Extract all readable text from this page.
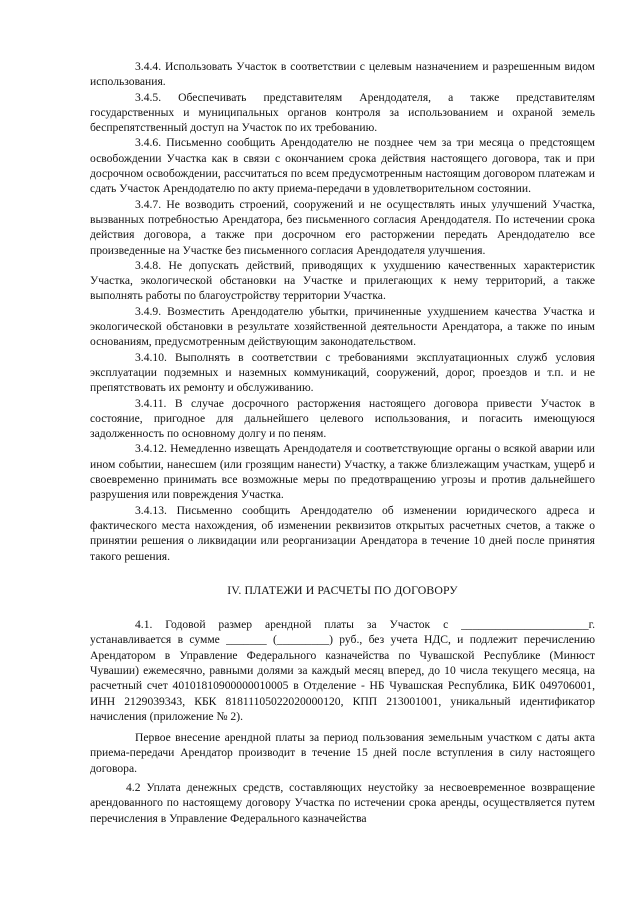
3.4.4. Использовать Участок в соответствии с целевым назначением и разрешенным видом использования.

3.4.5. Обеспечивать представителям Арендодателя, а также представителям государственных и муниципальных органов контроля за использованием и охраной земель беспрепятственный доступ на Участок по их требованию.

3.4.6. Письменно сообщить Арендодателю не позднее чем за три месяца о предстоящем освобождении Участка как в связи с окончанием срока действия настоящего договора, так и при досрочном освобождении, рассчитаться по всем предусмотренным настоящим договором платежам и сдать Участок Арендодателю по акту приема-передачи в удовлетворительном состоянии.

3.4.7. Не возводить строений, сооружений и не осуществлять иных улучшений Участка, вызванных потребностью Арендатора, без письменного согласия Арендодателя. По истечении срока действия договора, а также при досрочном его расторжении передать Арендодателю все произведенные на Участке без письменного согласия Арендодателя улучшения.

3.4.8. Не допускать действий, приводящих к ухудшению качественных характеристик Участка, экологической обстановки на Участке и прилегающих к нему территорий, а также выполнять работы по благоустройству территории Участка.

3.4.9. Возместить Арендодателю убытки, причиненные ухудшением качества Участка и экологической обстановки в результате хозяйственной деятельности Арендатора, а также по иным основаниям, предусмотренным действующим законодательством.

3.4.10. Выполнять в соответствии с требованиями эксплуатационных служб условия эксплуатации подземных и наземных коммуникаций, сооружений, дорог, проездов и т.п. и не препятствовать их ремонту и обслуживанию.

3.4.11. В случае досрочного расторжения настоящего договора привести Участок в состояние, пригодное для дальнейшего целевого использования, и погасить имеющуюся задолженность по основному долгу и по пеням.

3.4.12. Немедленно извещать Арендодателя и соответствующие органы о всякой аварии или ином событии, нанесшем (или грозящим нанести) Участку, а также близлежащим участкам, ущерб и своевременно принимать все возможные меры по предотвращению угрозы и против дальнейшего разрушения или повреждения Участка.

3.4.13. Письменно сообщить Арендодателю об изменении юридического адреса и фактического места нахождения, об изменении реквизитов открытых расчетных счетов, а также о принятии решения о ликвидации или реорганизации Арендатора в течение 10 дней после принятия такого решения.

IV. ПЛАТЕЖИ И РАСЧЕТЫ ПО ДОГОВОРУ

4.1. Годовой размер арендной платы за Участок с ______________________г. устанавливается в сумме _______ (_________) руб., без учета НДС, и подлежит перечислению Арендатором в Управление Федерального казначейства по Чувашской Республике (Минюст Чувашии) ежемесячно, равными долями за каждый месяц вперед, до 10 числа текущего месяца, на расчетный счет 40101810900000010005 в Отделение - НБ Чувашская Республика, БИК 049706001, ИНН 2129039343, КБК 81811105022020000120, КПП 213001001, уникальный идентификатор начисления (приложение № 2).

Первое внесение арендной платы за период пользования земельным участком с даты акта приема-передачи Арендатор производит в течение 15 дней после вступления в силу настоящего договора.

4.2 Уплата денежных средств, составляющих неустойку за несвоевременное возвращение арендованного по настоящему договору Участка по истечении срока аренды, осуществляется путем перечисления в Управление Федерального казначейства
